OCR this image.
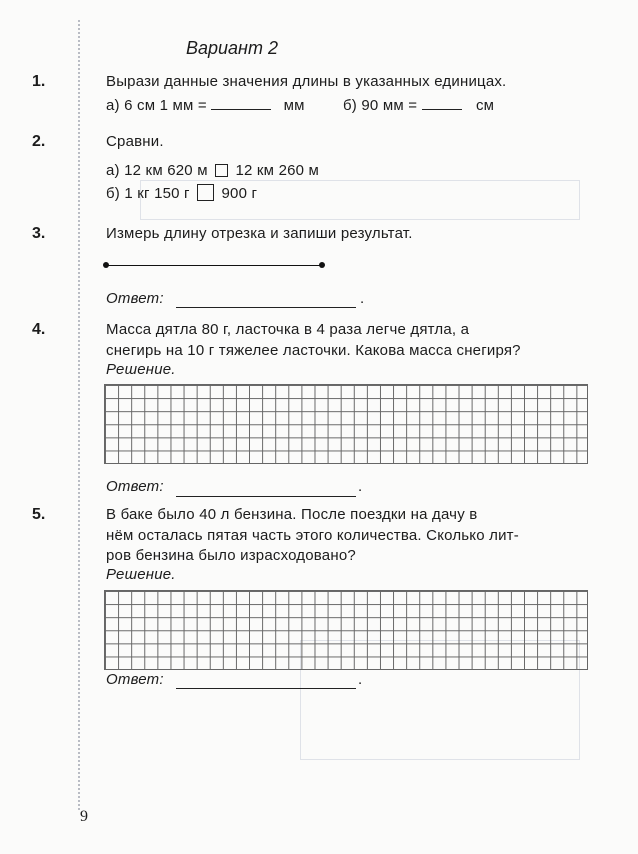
Вариант 2
1.	Вырази данные значения длины в указанных единицах.
а) 6 см 1 мм =	мм	б) 90 мм =	см
2.	Сравни.
а) 12 км 620 м 12 км 260 м
б) 1 кг 150 г 900 г
3.	Измерь длину отрезка и запиши результат.
Ответ:	.
4.	Масса дятла 80 г, ласточка в 4 раза легче дятла, а
снегирь на 10 г тяжелее ласточки. Какова масса снегиря?
Решение.
Ответ:	.
5.	В баке было 40 л бензина. После поездки на дачу в
нём осталась пятая часть этого количества. Сколько лит-
ров бензина было израсходовано?
Решение.
Ответ:	.
9
